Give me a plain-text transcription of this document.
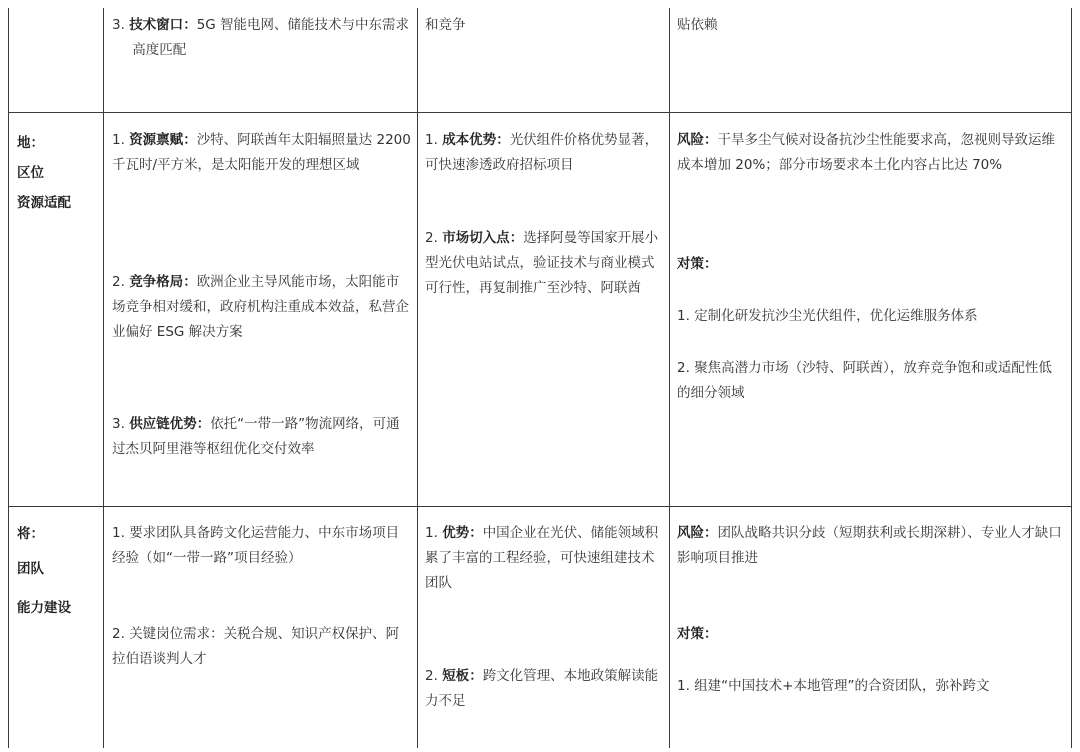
3. 技术窗口：5G 智能电网、储能技术与中东需求高度匹配

和竞争	贴依赖

地：

区位

资源适配

1. 资源禀赋：沙特、阿联酋年太阳辐照量达 2200 千瓦时/平方米，是太阳能开发的理想区域

2. 竞争格局：欧洲企业主导风能市场，太阳能市场竞争相对缓和，政府机构注重成本效益，私营企业偏好 ESG 解决方案

3. 供应链优势：依托“一带一路”物流网络，可通过杰贝阿里港等枢纽优化交付效率

1. 成本优势：光伏组件价格优势显著，可快速渗透政府招标项目

2. 市场切入点：选择阿曼等国家开展小型光伏电站试点，验证技术与商业模式可行性，再复制推广至沙特、阿联酋

风险：干旱多尘气候对设备抗沙尘性能要求高，忽视则导致运维成本增加 20%；部分市场要求本土化内容占比达 70%

对策：

1. 定制化研发抗沙尘光伏组件，优化运维服务体系

2. 聚焦高潜力市场（沙特、阿联酋），放弃竞争饱和或适配性低的细分领域

将：

团队

能力建设

1. 要求团队具备跨文化运营能力、中东市场项目经验（如“一带一路”项目经验）

2. 关键岗位需求：关税合规、知识产权保护、阿拉伯语谈判人才

1. 优势：中国企业在光伏、储能领域积累了丰富的工程经验，可快速组建技术团队

2. 短板：跨文化管理、本地政策解读能力不足

风险：团队战略共识分歧（短期获利或长期深耕）、专业人才缺口影响项目推进

对策：

1. 组建“中国技术+本地管理”的合资团队，弥补跨文
